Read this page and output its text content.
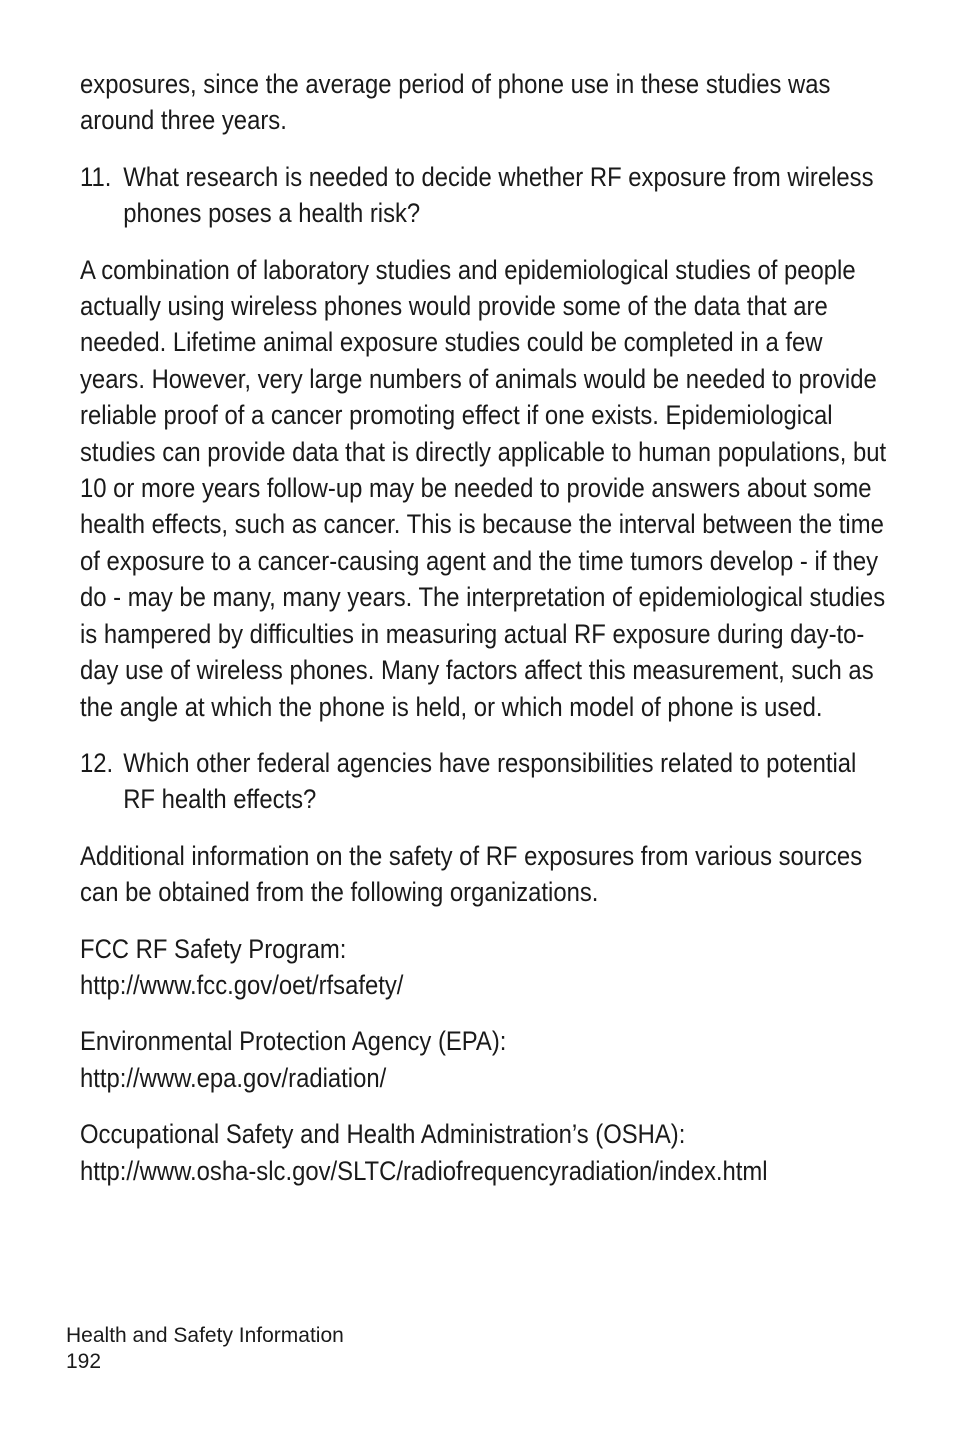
exposures, since the average period of phone use in these studies was around three years.

11. What research is needed to decide whether RF exposure from wireless phones poses a health risk?

A combination of laboratory studies and epidemiological studies of people actually using wireless phones would provide some of the data that are needed. Lifetime animal exposure studies could be completed in a few years. However, very large numbers of animals would be needed to provide reliable proof of a cancer promoting effect if one exists. Epidemiological studies can provide data that is directly applicable to human populations, but 10 or more years follow-up may be needed to provide answers about some health effects, such as cancer. This is because the interval between the time of exposure to a cancer-causing agent and the time tumors develop - if they do - may be many, many years. The interpretation of epidemiological studies is hampered by difficulties in measuring actual RF exposure during day-to-day use of wireless phones. Many factors affect this measurement, such as the angle at which the phone is held, or which model of phone is used.

12. Which other federal agencies have responsibilities related to potential RF health effects?

Additional information on the safety of RF exposures from various sources can be obtained from the following organizations.

FCC RF Safety Program:
http://www.fcc.gov/oet/rfsafety/
Environmental Protection Agency (EPA):
http://www.epa.gov/radiation/
Occupational Safety and Health Administration’s (OSHA):
http://www.osha-slc.gov/SLTC/radiofrequencyradiation/index.html
Health and Safety Information
192
